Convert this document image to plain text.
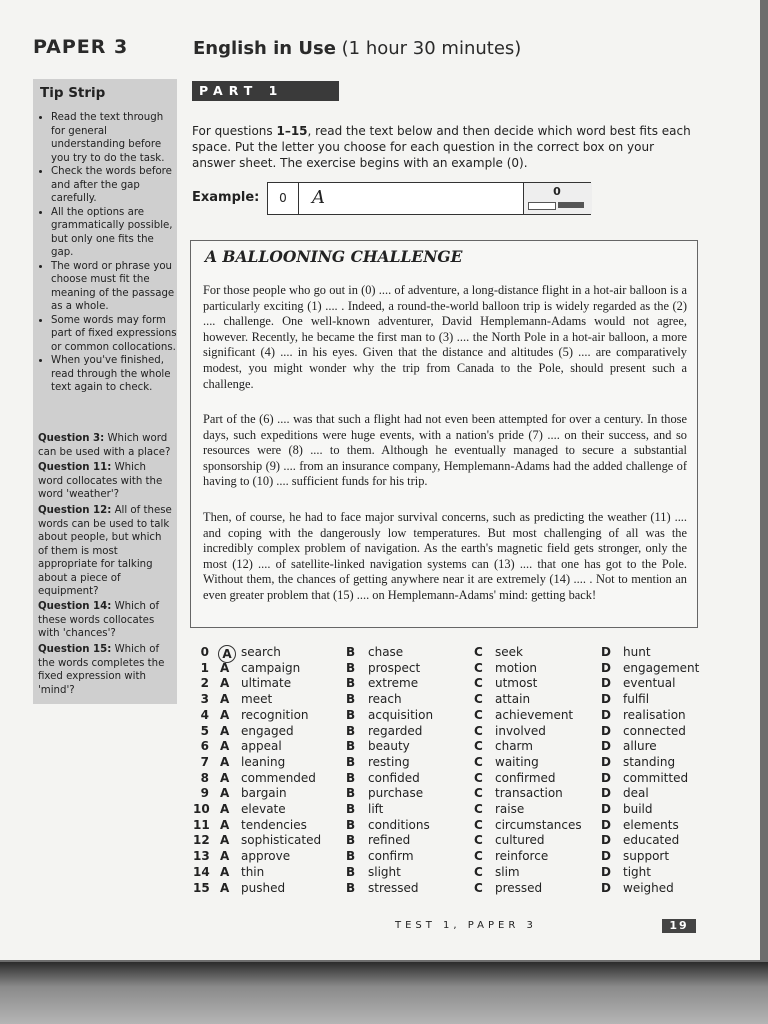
PAPER 3	English in Use (1 hour 30 minutes)
Tip Strip
• Read the text through for general understanding before you try to do the task.
• Check the words before and after the gap carefully.
• All the options are grammatically possible, but only one fits the gap.
• The word or phrase you choose must fit the meaning of the passage as a whole.
• Some words may form part of fixed expressions or common collocations.
• When you've finished, read through the whole text again to check.
Question 3: Which word can be used with a place?
Question 11: Which word collocates with the word 'weather'?
Question 12: All of these words can be used to talk about people, but which of them is most appropriate for talking about a piece of equipment?
Question 14: Which of these words collocates with 'chances'?
Question 15: Which of the words completes the fixed expression with 'mind'?
PART 1
For questions 1–15, read the text below and then decide which word best fits each space. Put the letter you choose for each question in the correct box on your answer sheet. The exercise begins with an example (0).
Example:	0	A	0
A BALLOONING CHALLENGE
For those people who go out in (0) .... of adventure, a long-distance flight in a hot-air balloon is a particularly exciting (1) .... . Indeed, a round-the-world balloon trip is widely regarded as the (2) .... challenge. One well-known adventurer, David Hemplemann-Adams would not agree, however. Recently, he became the first man to (3) .... the North Pole in a hot-air balloon, a more significant (4) .... in his eyes. Given that the distance and altitudes (5) .... are comparatively modest, you might wonder why the trip from Canada to the Pole, should present such a challenge.
Part of the (6) .... was that such a flight had not even been attempted for over a century. In those days, such expeditions were huge events, with a nation's pride (7) .... on their success, and so resources were (8) .... to them. Although he eventually managed to secure a substantial sponsorship (9) .... from an insurance company, Hemplemann-Adams had the added challenge of having to (10) .... sufficient funds for his trip.
Then, of course, he had to face major survival concerns, such as predicting the weather (11) .... and coping with the dangerously low temperatures. But most challenging of all was the incredibly complex problem of navigation. As the earth's magnetic field gets stronger, only the most (12) .... of satellite-linked navigation systems can (13) .... that one has got to the Pole. Without them, the chances of getting anywhere near it are extremely (14) .... . Not to mention an even greater problem that (15) .... on Hemplemann-Adams' mind: getting back!
0 A search	B chase	C seek	D hunt
1 A campaign	B prospect	C motion	D engagement
2 A ultimate	B extreme	C utmost	D eventual
3 A meet	B reach	C attain	D fulfil
4 A recognition	B acquisition	C achievement D realisation
5 A engaged	B regarded	C involved	D connected
6 A appeal	B beauty	C charm	D allure
7 A leaning	B resting	C waiting	D standing
8 A commended	B confided	C confirmed	D committed
9 A bargain	B purchase	C transaction	D deal
10 A elevate	B lift	C raise	D build
11 A tendencies	B conditions	C circumstances D elements
12 A sophisticated B refined	C cultured	D educated
13 A approve	B confirm	C reinforce	D support
14 A thin	B slight	C slim	D tight
15 A pushed	B stressed	C pressed	D weighed
TEST 1, PAPER 3	19
